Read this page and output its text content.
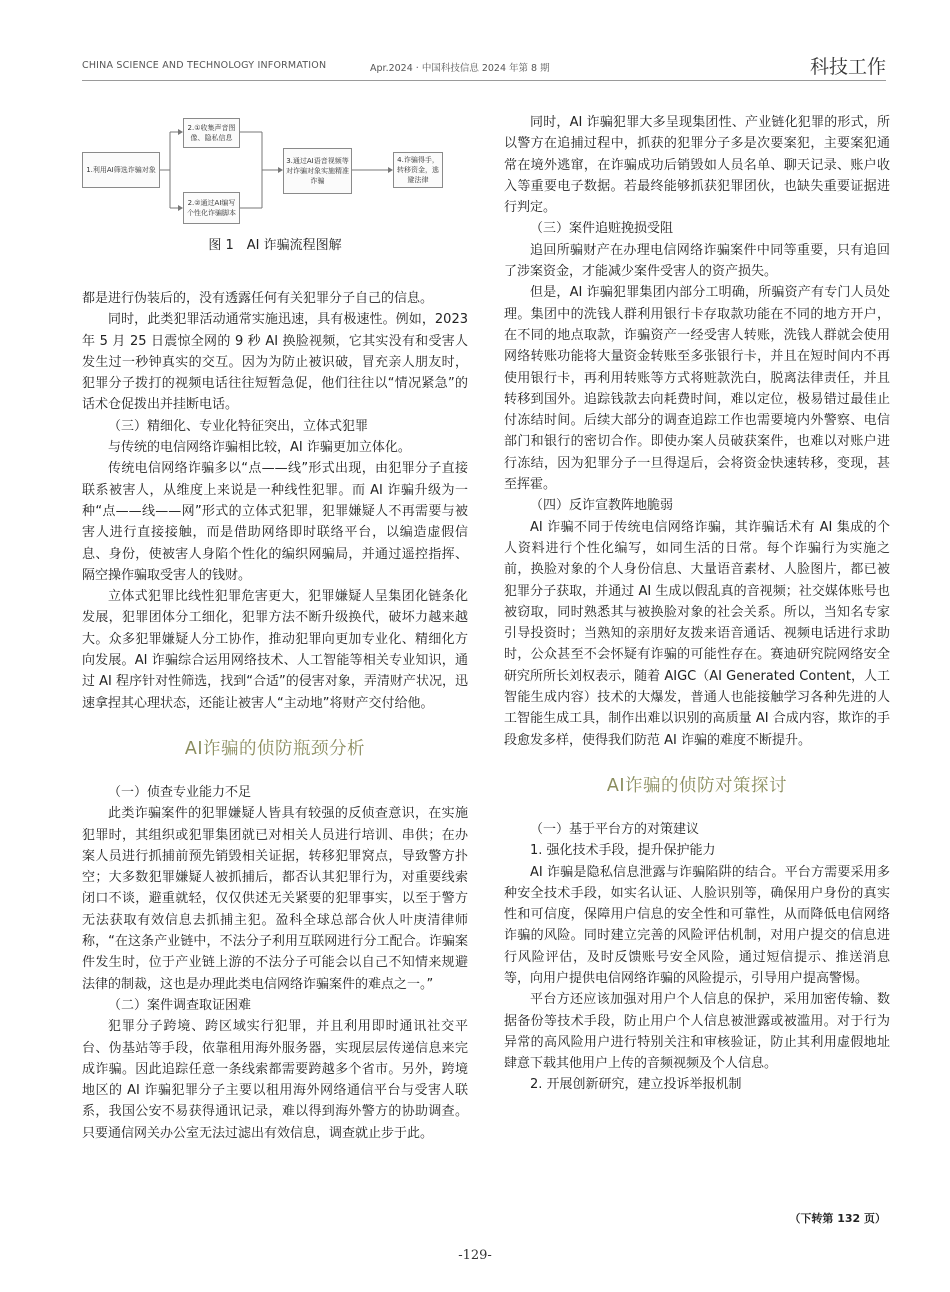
CHINA SCIENCE AND TECHNOLOGY INFORMATION	Apr.2024 · 中国科技信息 2024 年第 8 期	科技工作
1.利用AI筛选诈骗对象
2.①收集声音图像、隐私信息
2.②通过AI编写个性化诈骗脚本
3.通过AI语音视频等对诈骗对象实施精准诈骗
4.诈骗得手，转移资金，逃避法律
图 1　AI 诈骗流程图解

都是进行伪装后的，没有透露任何有关犯罪分子自己的信息。

同时，此类犯罪活动通常实施迅速，具有极速性。例如，2023 年 5 月 25 日震惊全网的 9 秒 AI 换脸视频，它其实没有和受害人发生过一秒钟真实的交互。因为为防止被识破，冒充亲人朋友时，犯罪分子拨打的视频电话往往短暂急促，他们往往以“情况紧急”的话术仓促拨出并挂断电话。

（三）精细化、专业化特征突出，立体式犯罪

与传统的电信网络诈骗相比较，AI 诈骗更加立体化。

传统电信网络诈骗多以“点——线”形式出现，由犯罪分子直接联系被害人，从维度上来说是一种线性犯罪。而 AI 诈骗升级为一种“点——线——网”形式的立体式犯罪，犯罪嫌疑人不再需要与被害人进行直接接触，而是借助网络即时联络平台，以编造虚假信息、身份，使被害人身陷个性化的编织网骗局，并通过遥控指挥、隔空操作骗取受害人的钱财。

立体式犯罪比线性犯罪危害更大，犯罪嫌疑人呈集团化链条化发展，犯罪团体分工细化，犯罪方法不断升级换代，破坏力越来越大。众多犯罪嫌疑人分工协作，推动犯罪向更加专业化、精细化方向发展。AI 诈骗综合运用网络技术、人工智能等相关专业知识，通过 AI 程序针对性筛选，找到“合适”的侵害对象，弄清财产状况，迅速拿捏其心理状态，还能让被害人“主动地”将财产交付给他。

AI诈骗的侦防瓶颈分析

（一）侦查专业能力不足

此类诈骗案件的犯罪嫌疑人皆具有较强的反侦查意识，在实施犯罪时，其组织或犯罪集团就已对相关人员进行培训、串供；在办案人员进行抓捕前预先销毁相关证据，转移犯罪窝点，导致警方扑空；大多数犯罪嫌疑人被抓捕后，都否认其犯罪行为，对重要线索闭口不谈，避重就轻，仅仅供述无关紧要的犯罪事实，以至于警方无法获取有效信息去抓捕主犯。盈科全球总部合伙人叶庚清律师称，“在这条产业链中，不法分子利用互联网进行分工配合。诈骗案件发生时，位于产业链上游的不法分子可能会以自己不知情来规避法律的制裁，这也是办理此类电信网络诈骗案件的难点之一。”

（二）案件调查取证困难

犯罪分子跨境、跨区域实行犯罪，并且利用即时通讯社交平台、伪基站等手段，依靠租用海外服务器，实现层层传递信息来完成诈骗。因此追踪任意一条线索都需要跨越多个省市。另外，跨境地区的 AI 诈骗犯罪分子主要以租用海外网络通信平台与受害人联系，我国公安不易获得通讯记录，难以得到海外警方的协助调查。只要通信网关办公室无法过滤出有效信息，调查就止步于此。

同时，AI 诈骗犯罪大多呈现集团性、产业链化犯罪的形式，所以警方在追捕过程中，抓获的犯罪分子多是次要案犯，主要案犯通常在境外逃窜，在诈骗成功后销毁如人员名单、聊天记录、账户收入等重要电子数据。若最终能够抓获犯罪团伙，也缺失重要证据进行判定。

（三）案件追赃挽损受阻

追回所骗财产在办理电信网络诈骗案件中同等重要，只有追回了涉案资金，才能减少案件受害人的资产损失。

但是，AI 诈骗犯罪集团内部分工明确，所骗资产有专门人员处理。集团中的洗钱人群利用银行卡存取款功能在不同的地方开户，在不同的地点取款，诈骗资产一经受害人转账，洗钱人群就会使用网络转账功能将大量资金转账至多张银行卡，并且在短时间内不再使用银行卡，再利用转账等方式将赃款洗白，脱离法律责任，并且转移到国外。追踪钱款去向耗费时间，难以定位，极易错过最佳止付冻结时间。后续大部分的调查追踪工作也需要境内外警察、电信部门和银行的密切合作。即使办案人员破获案件，也难以对账户进行冻结，因为犯罪分子一旦得逞后，会将资金快速转移，变现，甚至挥霍。

（四）反诈宣教阵地脆弱

AI 诈骗不同于传统电信网络诈骗，其诈骗话术有 AI 集成的个人资料进行个性化编写，如同生活的日常。每个诈骗行为实施之前，换脸对象的个人身份信息、大量语音素材、人脸图片，都已被犯罪分子获取，并通过 AI 生成以假乱真的音视频；社交媒体账号也被窃取，同时熟悉其与被换脸对象的社会关系。所以，当知名专家引导投资时；当熟知的亲朋好友拨来语音通话、视频电话进行求助时，公众甚至不会怀疑有诈骗的可能性存在。赛迪研究院网络安全研究所所长刘权表示，随着 AIGC（AI Generated Content，人工智能生成内容）技术的大爆发，普通人也能接触学习各种先进的人工智能生成工具，制作出难以识别的高质量 AI 合成内容，欺诈的手段愈发多样，使得我们防范 AI 诈骗的难度不断提升。

AI诈骗的侦防对策探讨

（一）基于平台方的对策建议

1. 强化技术手段，提升保护能力

AI 诈骗是隐私信息泄露与诈骗陷阱的结合。平台方需要采用多种安全技术手段，如实名认证、人脸识别等，确保用户身份的真实性和可信度，保障用户信息的安全性和可靠性，从而降低电信网络诈骗的风险。同时建立完善的风险评估机制，对用户提交的信息进行风险评估，及时反馈账号安全风险，通过短信提示、推送消息等，向用户提供电信网络诈骗的风险提示，引导用户提高警惕。

平台方还应该加强对用户个人信息的保护，采用加密传输、数据备份等技术手段，防止用户个人信息被泄露或被滥用。对于行为异常的高风险用户进行特别关注和审核验证，防止其利用虚假地址肆意下载其他用户上传的音频视频及个人信息。

2. 开展创新研究，建立投诉举报机制

（下转第 132 页）
-129-
